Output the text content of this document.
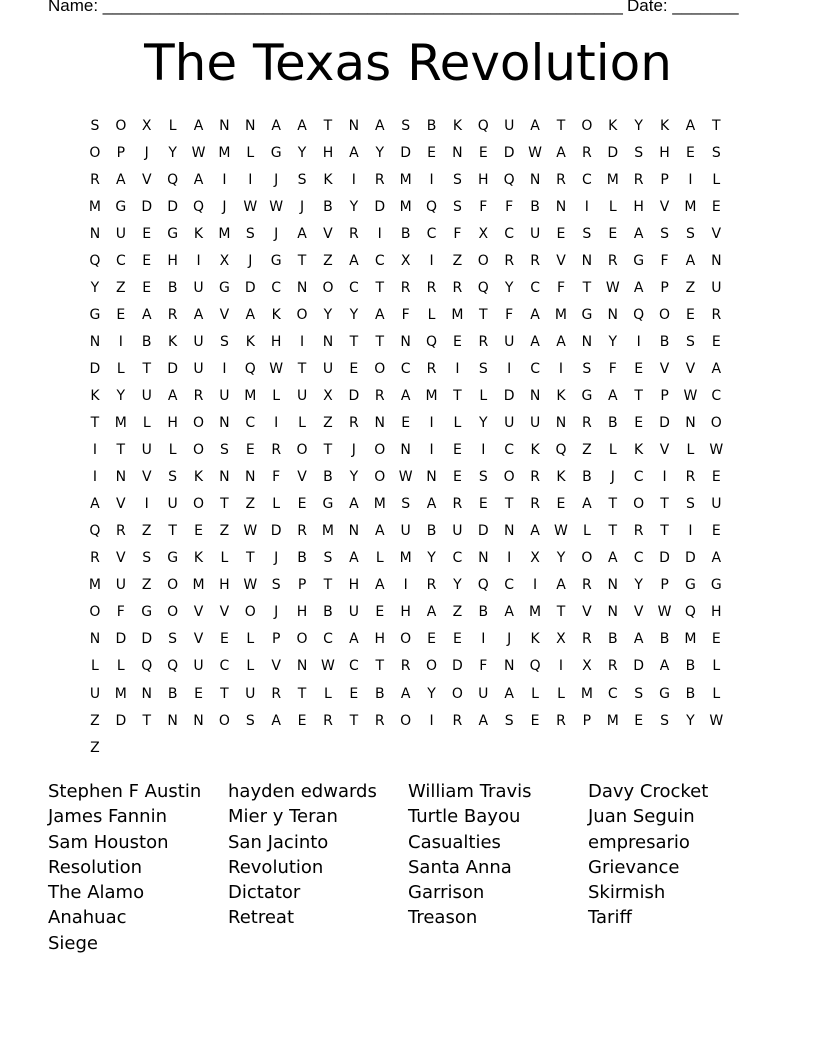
Name: _______________________________________________________

Date: _______

The Texas Revolution
S	O	X	L	A	N	N	A	A	T	N	A	S	B	K	Q	U	A	T	O	K	Y	K	A	T
O	P	J	Y	W M	L	G	Y	H	A	Y	D	E	N	E	D W	A	R	D	S	H	E	S
R	A	V	Q	A	I	I	J	S	K	I	R	M	I	S	H	Q	N	R	C	M	R	P	I	L
M	G	D	D	Q	J	W W	J	B	Y	D	M	Q	S	F	F	B	N	I	L	H	V	M	E
N	U	E	G	K	M	S	J	A	V	R	I	B	C	F	X	C	U	E	S	E	A	S	S	V
Q	C	E	H	I	X	J	G	T	Z	A	C	X	I	Z	O	R	R	V	N	R	G	F	A	N
Y	Z	E	B	U	G	D	C	N	O	C	T	R	R	R	Q	Y	C	F	T	W	A	P	Z	U
G	E	A	R	A	V	A	K	O	Y	Y	A	F	L	M	T	F	A	M	G	N	Q	O	E	R
N	I	B	K	U	S	K	H	I	N	T	T	N	Q	E	R	U	A	A	N	Y	I	B	S	E
D	L	T	D	U	I	Q W	T	U	E	O	C	R	I	S	I	C	I	S	F	E	V	V	A
K	Y	U	A	R	U	M	L	U	X	D	R	A	M	T	L	D	N	K	G	A	T	P	W	C
T	M	L	H	O	N	C	I	L	Z	R	N	E	I	L	Y	U	U	N	R	B	E	D	N	O
I	T	U	L	O	S	E	R	O	T	J	O	N	I	E	I	C	K	Q	Z	L	K	V	L	W
I	N	V	S	K	N	N	F	V	B	Y	O W N	E	S	O	R	K	B	J	C	I	R	E
A	V	I	U	O	T	Z	L	E	G	A	M	S	A	R	E	T	R	E	A	T	O	T	S	U
Q	R	Z	T	E	Z	W D	R	M	N	A	U	B	U	D	N	A	W	L	T	R	T	I	E
R	V	S	G	K	L	T	J	B	S	A	L	M	Y	C	N	I	X	Y	O	A	C	D	D	A
M	U	Z	O	M	H W	S	P	T	H	A	I	R	Y	Q	C	I	A	R	N	Y	P	G	G
O	F	G	O	V	V	O	J	H	B	U	E	H	A	Z	B	A	M	T	V	N	V	W Q	H
N	D	D	S	V	E	L	P	O	C	A	H	O	E	E	I	J	K	X	R	B	A	B	M	E
L	L	Q	Q	U	C	L	V	N W	C	T	R	O	D	F	N	Q	I	X	R	D	A	B	L
U	M	N	B	E	T	U	R	T	L	E	B	A	Y	O	U	A	L	L	M	C	S	G	B	L
Z	D	T	N	N	O	S	A	E	R	T	R	O	I	R	A	S	E	R	P	M	E	S	Y	W
Z
Stephen F Austin	hayden edwards	William Travis	Davy Crocket
James Fannin	Mier y Teran	Turtle Bayou	Juan Seguin
Sam Houston	San Jacinto	Casualties	empresario
Resolution	Revolution	Santa Anna	Grievance
The Alamo	Dictator	Garrison	Skirmish
Anahuac	Retreat	Treason	Tariff
Siege
